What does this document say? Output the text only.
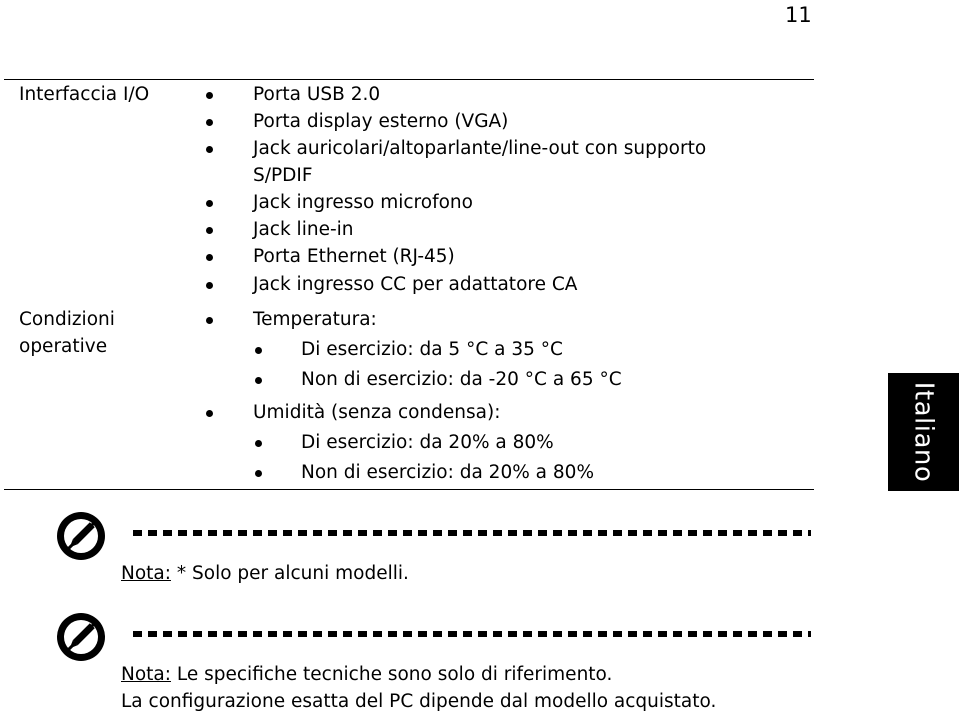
11
Interfaccia I/O	Porta USB 2.0
Porta display esterno (VGA)
Jack auricolari/altoparlante/line-out con supporto
S/PDIF
Jack ingresso microfono
Jack line-in
Porta Ethernet (RJ-45)
Jack ingresso CC per adattatore CA
Condizioni
operative
Temperatura:
Di esercizio: da 5 °C a 35 °C
Non di esercizio: da -20 °C a 65 °C
Umidità (senza condensa):
Di esercizio: da 20% a 80%
Non di esercizio: da 20% a 80%	Italiano
Nota: * Solo per alcuni modelli.
Nota: Le specifiche tecniche sono solo di riferimento.
La configurazione esatta del PC dipende dal modello acquistato.
